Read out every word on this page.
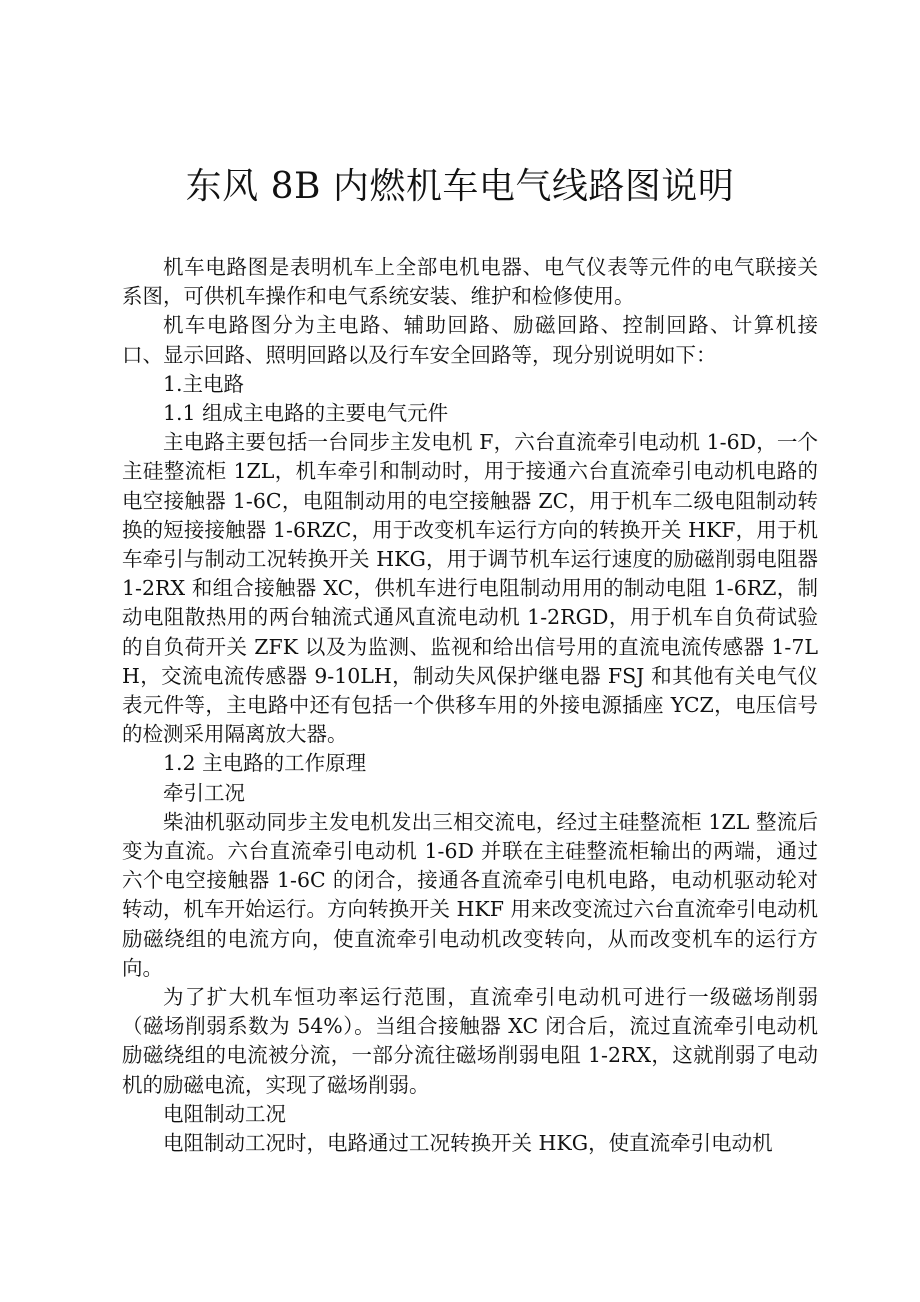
东风 8B 内燃机车电气线路图说明

机车电路图是表明机车上全部电机电器、电气仪表等元件的电气联接关系图，可供机车操作和电气系统安装、维护和检修使用。

机车电路图分为主电路、辅助回路、励磁回路、控制回路、计算机接口、显示回路、照明回路以及行车安全回路等，现分别说明如下：

1.主电路

1.1 组成主电路的主要电气元件

主电路主要包括一台同步主发电机 F，六台直流牵引电动机 1-6D，一个主硅整流柜 1ZL，机车牵引和制动时，用于接通六台直流牵引电动机电路的电空接触器 1-6C，电阻制动用的电空接触器 ZC，用于机车二级电阻制动转换的短接接触器 1-6RZC，用于改变机车运行方向的转换开关 HKF，用于机车牵引与制动工况转换开关 HKG，用于调节机车运行速度的励磁削弱电阻器 1-2RX 和组合接触器 XC，供机车进行电阻制动用用的制动电阻 1-6RZ，制动电阻散热用的两台轴流式通风直流电动机 1-2RGD，用于机车自负荷试验的自负荷开关 ZFK 以及为监测、监视和给出信号用的直流电流传感器 1-7LH，交流电流传感器 9-10LH，制动失风保护继电器 FSJ 和其他有关电气仪表元件等，主电路中还有包括一个供移车用的外接电源插座 YCZ，电压信号的检测采用隔离放大器。

1.2 主电路的工作原理

牵引工况

柴油机驱动同步主发电机发出三相交流电，经过主硅整流柜 1ZL 整流后变为直流。六台直流牵引电动机 1-6D 并联在主硅整流柜输出的两端，通过六个电空接触器 1-6C 的闭合，接通各直流牵引电机电路，电动机驱动轮对转动，机车开始运行。方向转换开关 HKF 用来改变流过六台直流牵引电动机励磁绕组的电流方向，使直流牵引电动机改变转向，从而改变机车的运行方向。

为了扩大机车恒功率运行范围，直流牵引电动机可进行一级磁场削弱（磁场削弱系数为 54%）。当组合接触器 XC 闭合后，流过直流牵引电动机励磁绕组的电流被分流，一部分流往磁场削弱电阻 1-2RX，这就削弱了电动机的励磁电流，实现了磁场削弱。

电阻制动工况

电阻制动工况时，电路通过工况转换开关 HKG，使直流牵引电动机
